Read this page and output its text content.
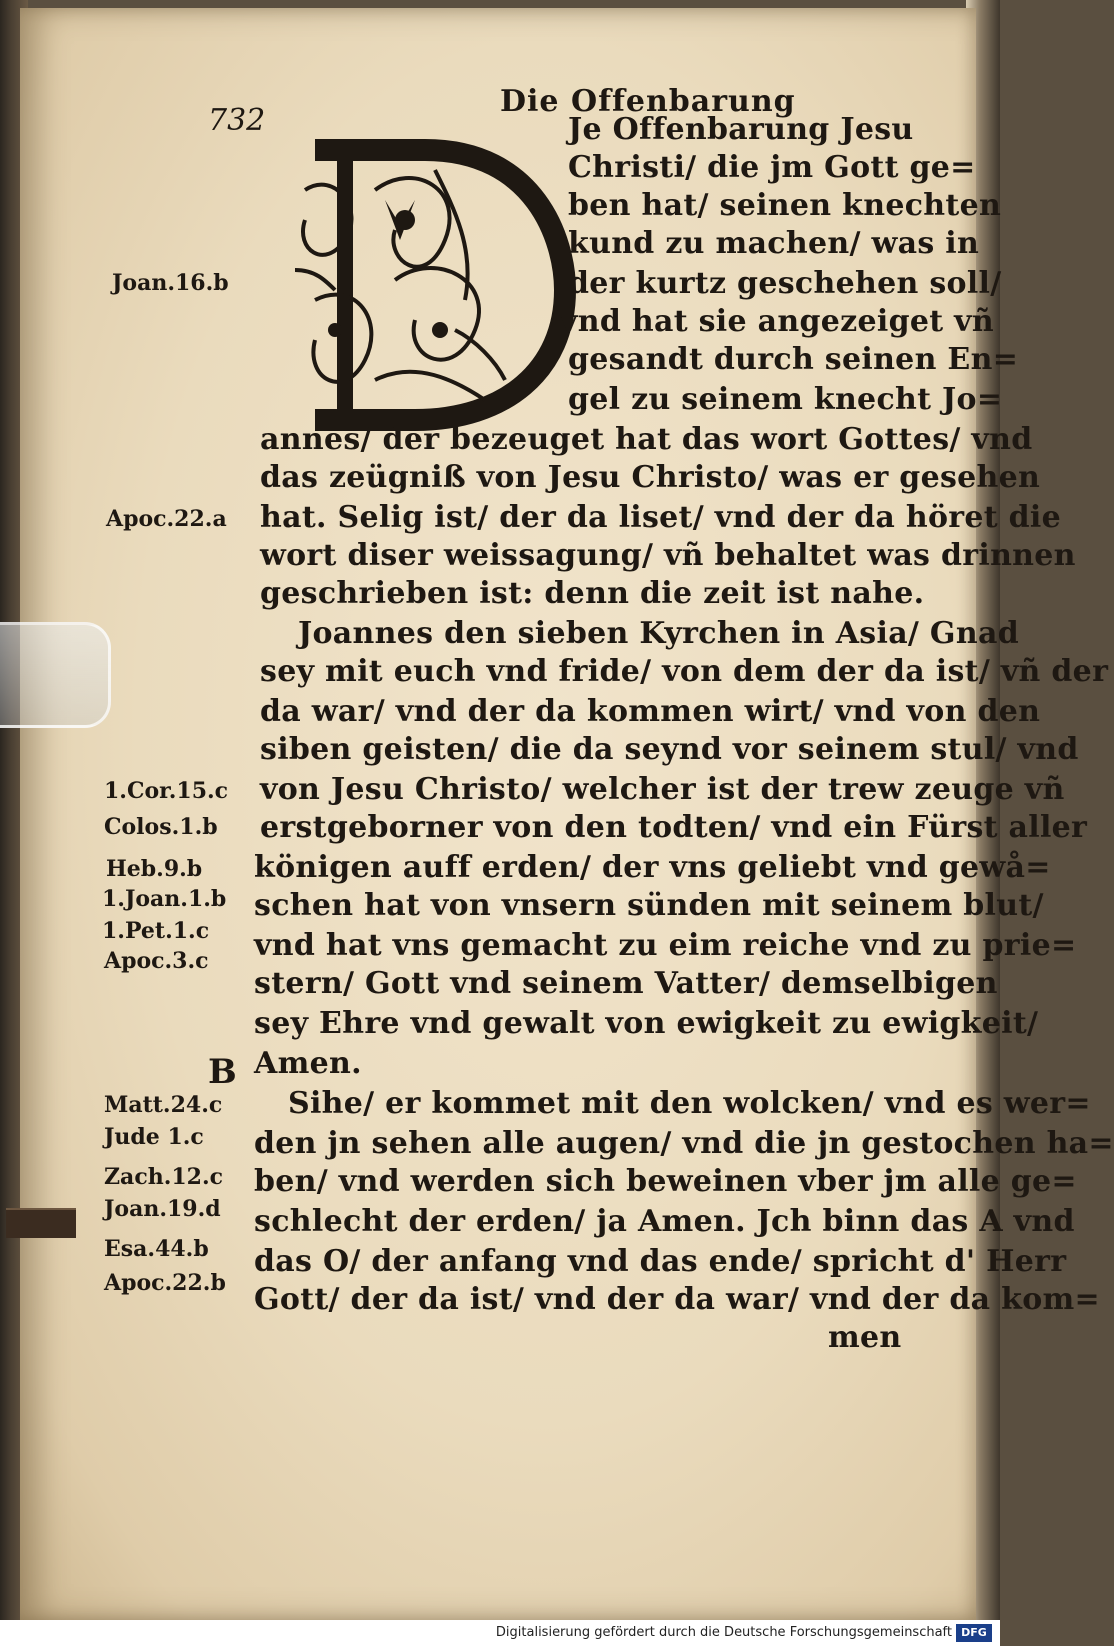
732
Die Offenbarung
Je Offenbarung Jesu
Christi/ die jm Gott ge=
ben hat/ seinen knechten
kund zu machen/ was in
der kurtz geschehen soll/
vnd hat sie angezeiget vñ
gesandt durch seinen En=
gel zu seinem knecht Jo=
annes/ der bezeuget hat das wort Gottes/ vnd
das zeügniß von Jesu Christo/ was er gesehen
hat. Selig ist/ der da liset/ vnd der da höret die
wort diser weissagung/ vñ behaltet was drinnen
geschrieben ist: denn die zeit ist nahe.
Joannes den sieben Kyrchen in Asia/ Gnad
sey mit euch vnd fride/ von dem der da ist/ vñ der
da war/ vnd der da kommen wirt/ vnd von den
siben geisten/ die da seynd vor seinem stul/ vnd
von Jesu Christo/ welcher ist der trew zeuge vñ
erstgeborner von den todten/ vnd ein Fürst aller
königen auff erden/ der vns geliebt vnd gewå=
schen hat von vnsern sünden mit seinem blut/
vnd hat vns gemacht zu eim reiche vnd zu prie=
stern/ Gott vnd seinem Vatter/ demselbigen
sey Ehre vnd gewalt von ewigkeit zu ewigkeit/
Amen.
Sihe/ er kommet mit den wolcken/ vnd es wer=
den jn sehen alle augen/ vnd die jn gestochen ha=
ben/ vnd werden sich beweinen vber jm alle ge=
schlecht der erden/ ja Amen. Jch binn das A vnd
das O/ der anfang vnd das ende/ spricht d' Herr
Gott/ der da ist/ vnd der da war/ vnd der da kom=
men
Joan.16.b
Apoc.22.a
1.Cor.15.c
Colos.1.b
Heb.9.b
1.Joan.1.b
1.Pet.1.c
Apoc.3.c
Matt.24.c
Jude 1.c
Zach.12.c
Joan.19.d
Esa.44.b
Apoc.22.b
B
Digitalisierung gefördert durch die Deutsche Forschungsgemeinschaft DFG
